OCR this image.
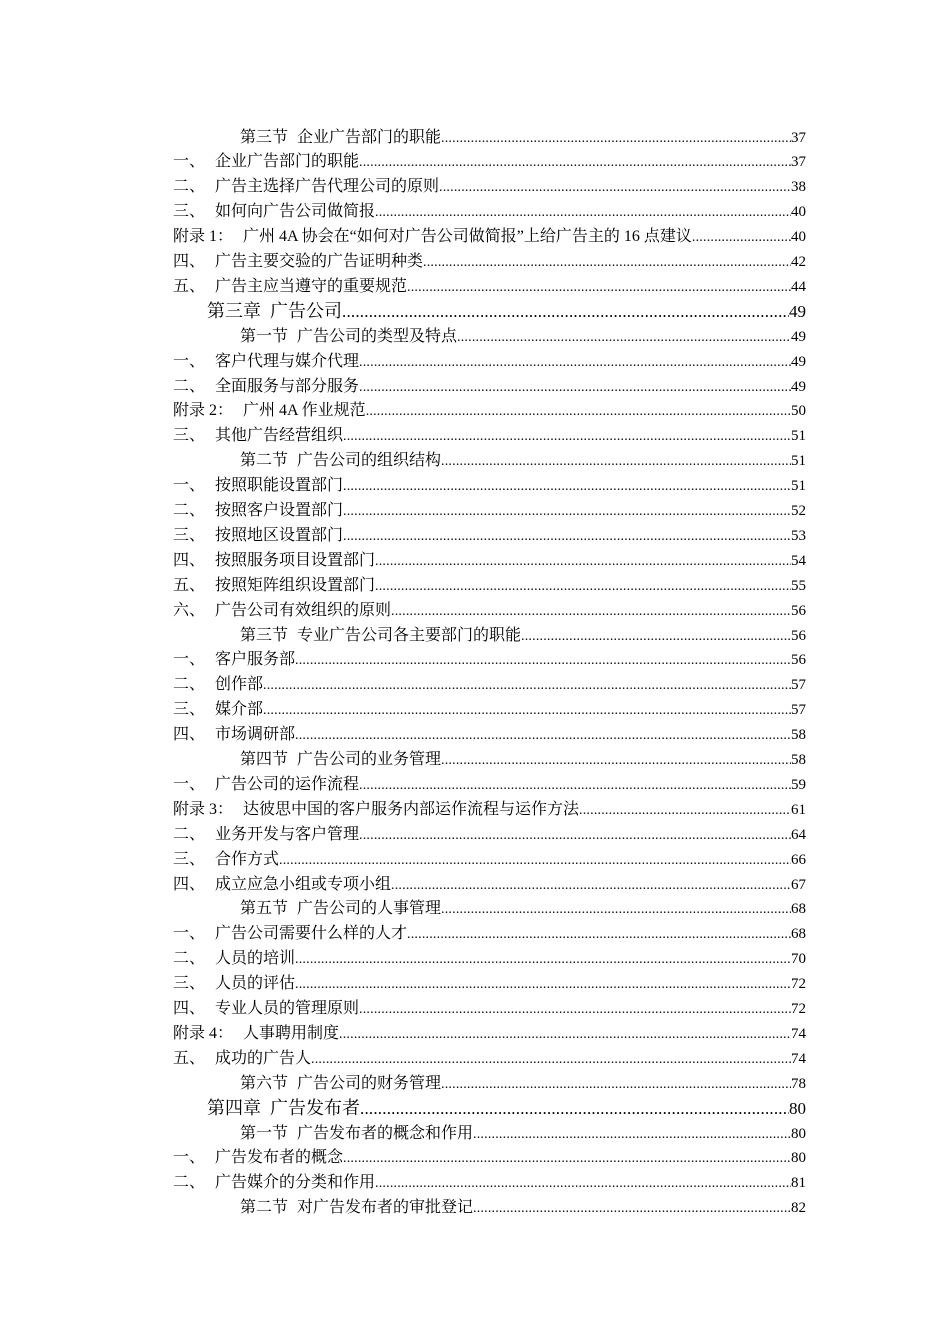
第三节 企业广告部门的职能 .....	37
一、 企业广告部门的职能 .....	37
二、 广告主选择广告代理公司的原则 .....	38
三、 如何向广告公司做简报 .....	40
附录 1： 广州 4A 协会在“如何对广告公司做简报”上给广告主的 16 点建议 .....	40
四、 广告主要交验的广告证明种类 .....	42
五、 广告主应当遵守的重要规范 .....	44
第三章 广告公司 .....	49
第一节 广告公司的类型及特点 .....	49
一、 客户代理与媒介代理 .....	49
二、 全面服务与部分服务 .....	49
附录 2： 广州 4A 作业规范 .....	50
三、 其他广告经营组织 .....	51
第二节 广告公司的组织结构 .....	51
一、 按照职能设置部门 .....	51
二、 按照客户设置部门 .....	52
三、 按照地区设置部门 .....	53
四、 按照服务项目设置部门 .....	54
五、 按照矩阵组织设置部门 .....	55
六、 广告公司有效组织的原则 .....	56
第三节 专业广告公司各主要部门的职能 .....	56
一、 客户服务部 .....	56
二、 创作部 .....	57
三、 媒介部 .....	57
四、 市场调研部 .....	58
第四节 广告公司的业务管理 .....	58
一、 广告公司的运作流程 .....	59
附录 3： 达彼思中国的客户服务内部运作流程与运作方法 .....	61
二、 业务开发与客户管理 .....	64
三、 合作方式 .....	66
四、 成立应急小组或专项小组 .....	67
第五节 广告公司的人事管理 .....	68
一、 广告公司需要什么样的人才 .....	68
二、 人员的培训 .....	70
三、 人员的评估 .....	72
四、 专业人员的管理原则 .....	72
附录 4： 人事聘用制度 .....	74
五、 成功的广告人 .....	74
第六节 广告公司的财务管理 .....	78
第四章 广告发布者 .....	80
第一节 广告发布者的概念和作用 .....	80
一、 广告发布者的概念 .....	80
二、 广告媒介的分类和作用 .....	81
第二节 对广告发布者的审批登记 .....	82
